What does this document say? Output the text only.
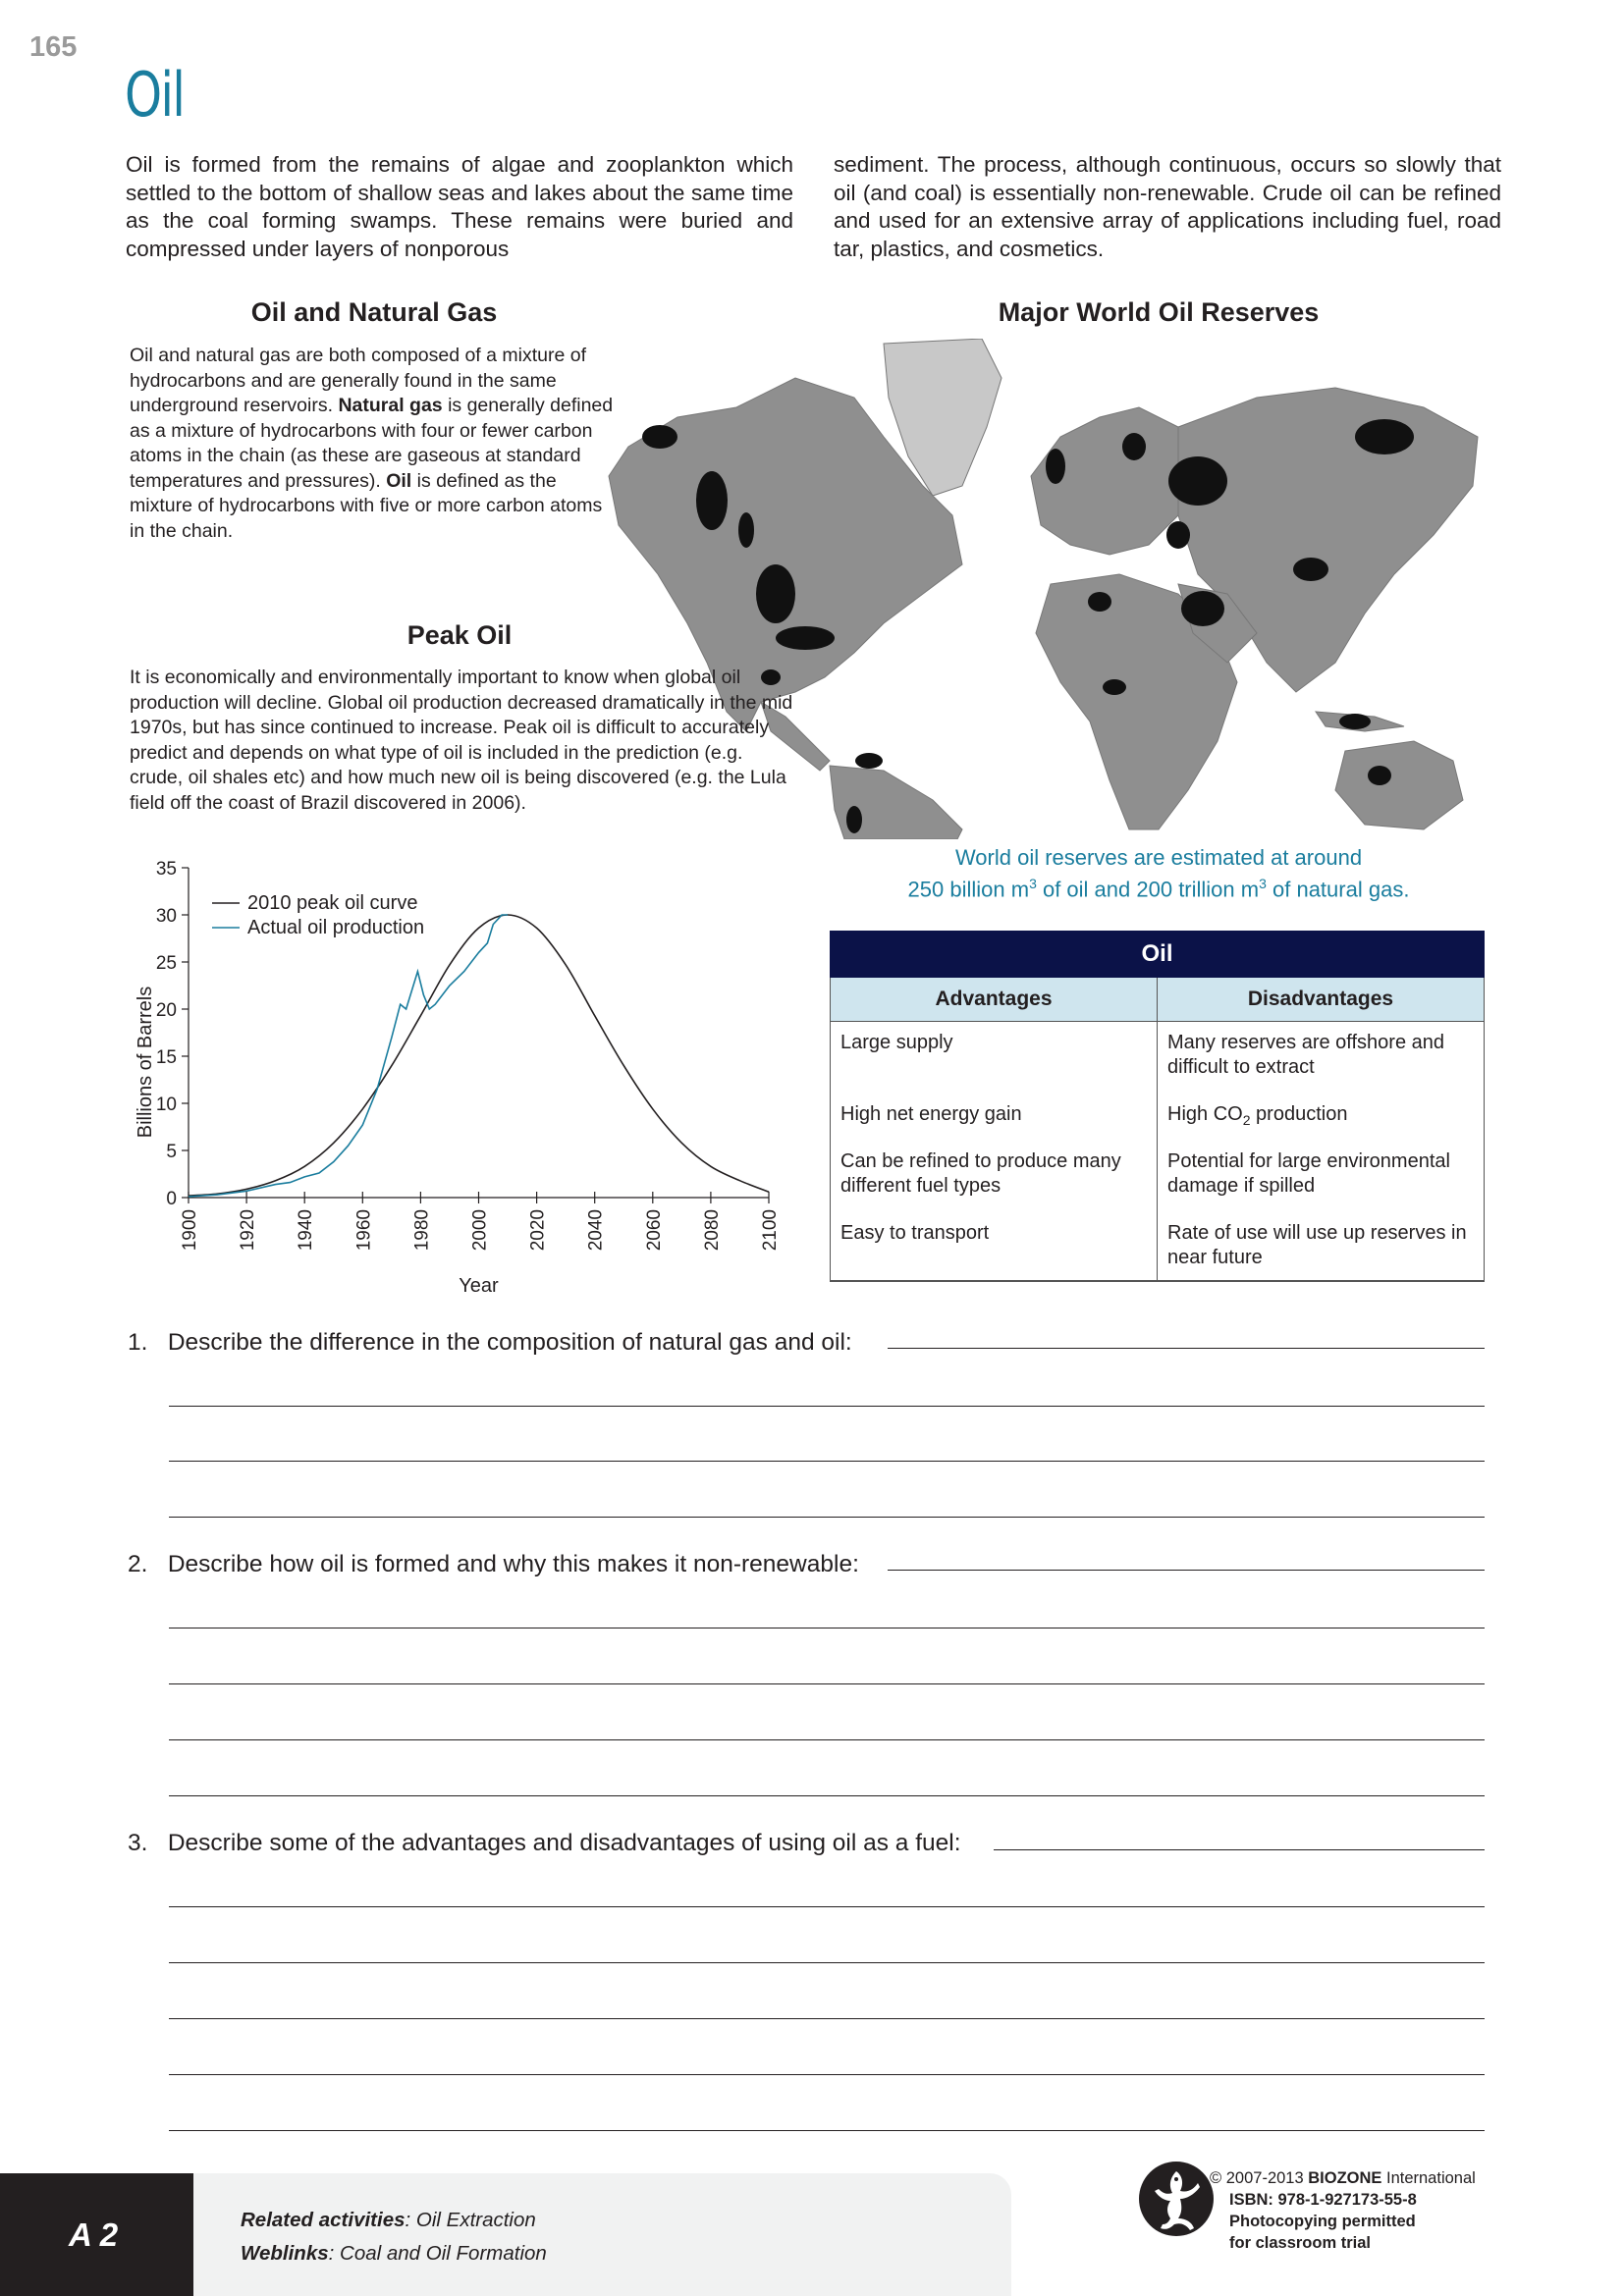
165
Oil
Oil is formed from the remains of algae and zooplankton which settled to the bottom of shallow seas and lakes about the same time as the coal forming swamps. These remains were buried and compressed under layers of nonporous
sediment. The process, although continuous, occurs so slowly that oil (and coal) is essentially non-renewable. Crude oil can be refined and used for an extensive array of applications including fuel, road tar, plastics, and cosmetics.
Oil and Natural Gas
Oil and natural gas are both composed of a mixture of hydrocarbons and are generally found in the same underground reservoirs. Natural gas is generally defined as a mixture of hydrocarbons with four or fewer carbon atoms in the chain (as these are gaseous at standard temperatures and pressures). Oil is defined as the mixture of hydrocarbons with five or more carbon atoms in the chain.
Major World Oil Reserves
World oil reserves are estimated at around
250 billion $m^3$ of oil and 200 trillion $m^3$ of natural gas.
Peak Oil
It is economically and environmentally important to know when global oil production will decline. Global oil production decreased dramatically in the mid 1970s, but has since continued to increase. Peak oil is difficult to accurately predict and depends on what type of oil is included in the prediction (e.g. crude, oil shales etc) and how much new oil is being discovered (e.g. the Lula field off the coast of Brazil discovered in 2006).
0
5
10
15
20
25
30
35
1900 1920 1940 1960 1980 2000 2020 2040 2060 2080 2100
Year
Billions of Barrels
2010 peak oil curve
Actual oil production
Oil	
Advantages	Disadvantages
Large supply	Many reserves are offshore and difficult to extract
High net energy gain	High $CO_2$ production
Can be refined to produce many different fuel types	Potential for large environmental damage if spilled
Easy to transport	Rate of use will use up reserves in near future
1. Describe the difference in the composition of natural gas and oil:
2. Describe how oil is formed and why this makes it non-renewable:
3. Describe some of the advantages and disadvantages of using oil as a fuel:
A 2	Related activities: Oil Extraction
Weblinks: Coal and Oil Formation
© 2007-2013 BIOZONE International
ISBN: 978-1-927173-55-8
Photocopying permitted
for classroom trial
